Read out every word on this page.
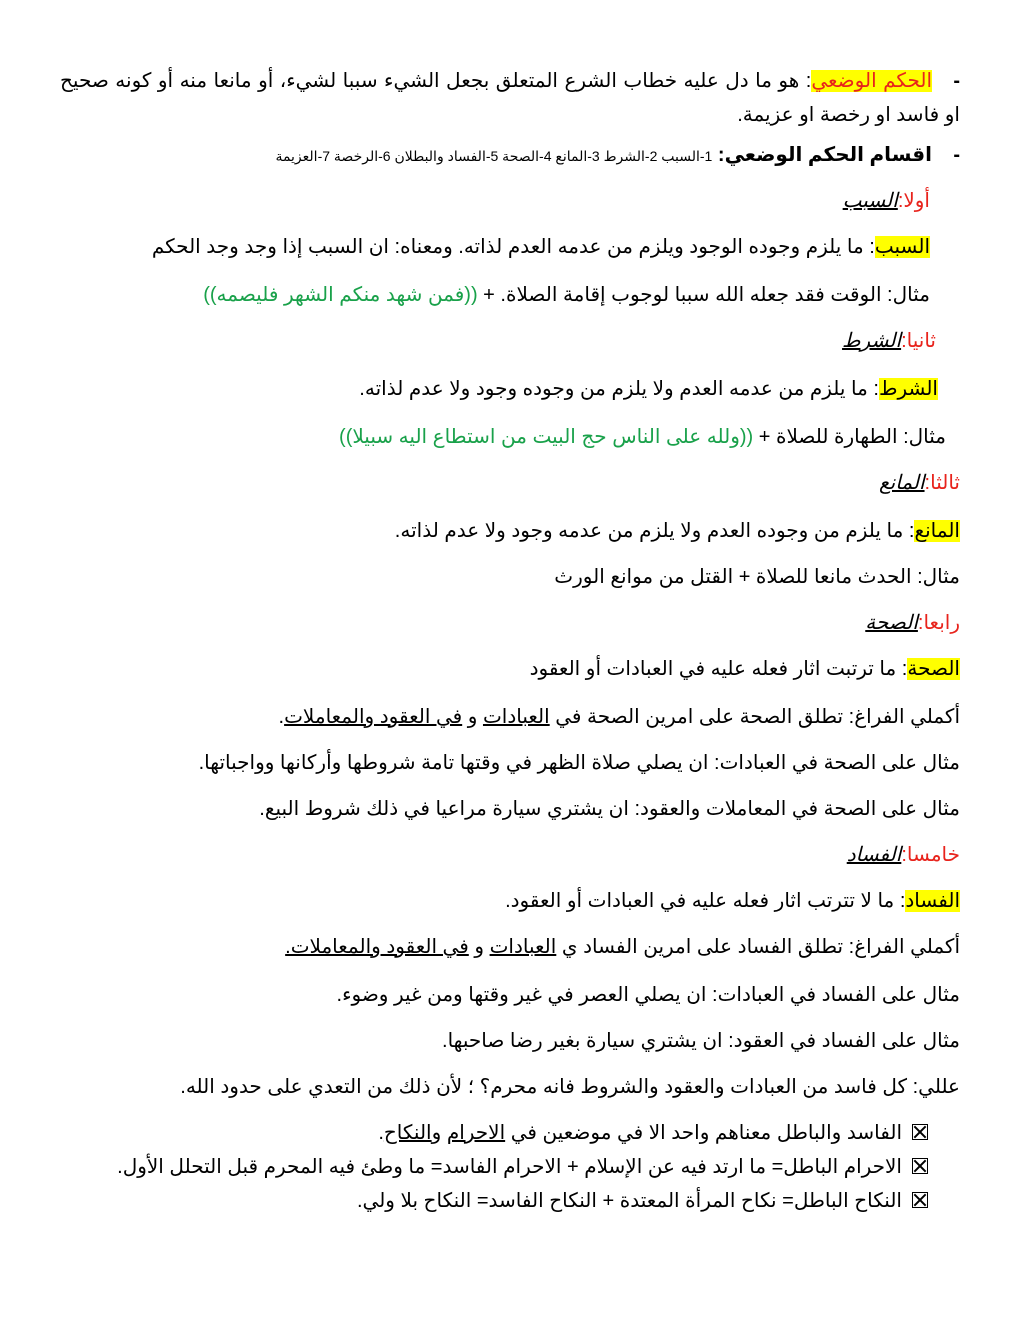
-الحكم الوضعي: هو ما دل عليه خطاب الشرع المتعلق بجعل الشيء سببا لشيء، أو مانعا منه أو كونه صحيح او فاسد او رخصة او عزيمة.
-اقسام الحكم الوضعي: 1-السبب 2-الشرط 3-المانع 4-الصحة 5-الفساد والبطلان 6-الرخصة 7-العزيمة
أولا:السبب
السبب: ما يلزم وجوده الوجود ويلزم من عدمه العدم لذاته. ومعناه: ان السبب إذا وجد وجد الحكم
مثال: الوقت فقد جعله الله سببا لوجوب إقامة الصلاة. + ((فمن شهد منكم الشهر فليصمه))
ثانيا:الشرط
الشرط: ما يلزم من عدمه العدم ولا يلزم من وجوده وجود ولا عدم لذاته.
مثال: الطهارة للصلاة + ((ولله على الناس حج البيت من استطاع اليه سبيلا))
ثالثا:المانع
المانع: ما يلزم من وجوده العدم ولا يلزم من عدمه وجود ولا عدم لذاته.
مثال: الحدث مانعا للصلاة + القتل من موانع الورث
رابعا:الصحة
الصحة: ما ترتبت اثار فعله عليه في العبادات أو العقود
أكملي الفراغ: تطلق الصحة على امرين الصحة في العبادات و في العقود والمعاملات.
مثال على الصحة في العبادات: ان يصلي صلاة الظهر في وقتها تامة شروطها وأركانها وواجباتها.
مثال على الصحة في المعاملات والعقود: ان يشتري سيارة مراعيا في ذلك شروط البيع.
خامسا:الفساد
الفساد: ما لا تترتب اثار فعله عليه في العبادات أو العقود.
أكملي الفراغ: تطلق الفساد على امرين الفساد ي العبادات و في العقود والمعاملات.
مثال على الفساد في العبادات: ان يصلي العصر في غير وقتها ومن غير وضوء.
مثال على الفساد في العقود: ان يشتري سيارة بغير رضا صاحبها.
عللي: كل فاسد من العبادات والعقود والشروط فانه محرم؟ ؛ لأن ذلك من التعدي على حدود الله.
الفاسد والباطل معناهم واحد الا في موضعين في الاحرام والنكاح.
الاحرام الباطل= ما ارتد فيه عن الإسلام + الاحرام الفاسد= ما وطئ فيه المحرم قبل التحلل الأول.
النكاح الباطل= نكاح المرأة المعتدة + النكاح الفاسد= النكاح بلا ولي.
